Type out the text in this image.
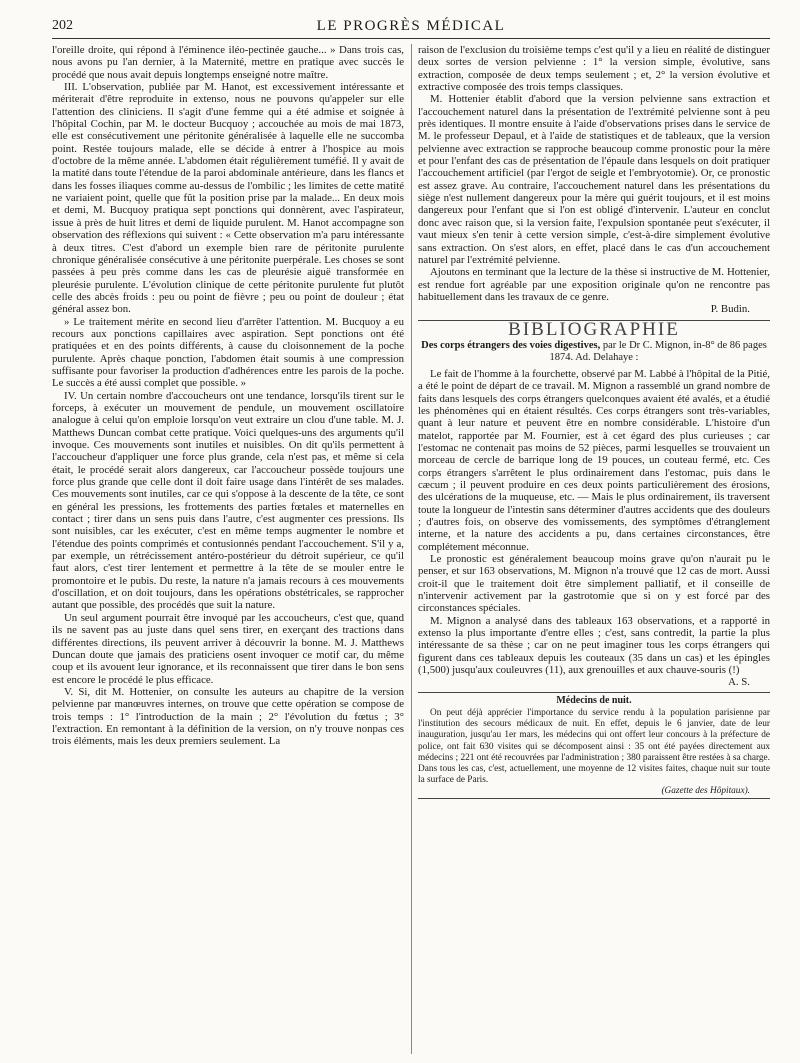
202	LE PROGRÈS MÉDICAL

l'oreille droite, qui répond à l'éminence iléo-pectinée gauche... » Dans trois cas, nous avons pu l'an dernier, à la Maternité, mettre en pratique avec succès le procédé que nous avait depuis longtemps enseigné notre maître.

III. L'observation, publiée par M. Hanot, est excessivement intéressante et mériterait d'être reproduite in extenso, nous ne pouvons qu'appeler sur elle l'attention des cliniciens. Il s'agit d'une femme qui a été admise et soignée à l'hôpital Cochin, par M. le docteur Bucquoy ; accouchée au mois de mai 1873, elle est consécutivement une péritonite généralisée à laquelle elle ne succomba point. Restée toujours malade, elle se décide à entrer à l'hospice au mois d'octobre de la même année. L'abdomen était régulièrement tuméfié. Il y avait de la matité dans toute l'étendue de la paroi abdominale antérieure, dans les flancs et dans les fosses iliaques comme au-dessus de l'ombilic ; les limites de cette matité ne variaient point, quelle que fût la position prise par la malade... En deux mois et demi, M. Bucquoy pratiqua sept ponctions qui donnèrent, avec l'aspirateur, issue à près de huit litres et demi de liquide purulent. M. Hanot accompagne son observation des réflexions qui suivent : « Cette observation m'a paru intéressante à deux titres. C'est d'abord un exemple bien rare de péritonite purulente chronique généralisée consécutive à une péritonite puerpérale. Les choses se sont passées à peu près comme dans les cas de pleurésie aiguë transformée en pleurésie purulente. L'évolution clinique de cette péritonite purulente fut plutôt celle des abcès froids : peu ou point de fièvre ; peu ou point de douleur ; état général assez bon.

» Le traitement mérite en second lieu d'arrêter l'attention. M. Bucquoy a eu recours aux ponctions capillaires avec aspiration. Sept ponctions ont été pratiquées et en des points différents, à cause du cloisonnement de la poche purulente. Après chaque ponction, l'abdomen était soumis à une compression suffisante pour favoriser la production d'adhérences entre les parois de la poche. Le succès a été aussi complet que possible. »

IV. Un certain nombre d'accoucheurs ont une tendance, lorsqu'ils tirent sur le forceps, à exécuter un mouvement de pendule, un mouvement oscillatoire analogue à celui qu'on emploie lorsqu'on veut extraire un clou d'une table. M. J. Matthews Duncan combat cette pratique. Voici quelques-uns des arguments qu'il invoque. Ces mouvements sont inutiles et nuisibles. On dit qu'ils permettent à l'accoucheur d'appliquer une force plus grande, cela n'est pas, et même si cela était, le procédé serait alors dangereux, car l'accoucheur possède toujours une force plus grande que celle dont il doit faire usage dans l'intérêt de ses malades. Ces mouvements sont inutiles, car ce qui s'oppose à la descente de la tête, ce sont en général les pressions, les frottements des parties fœtales et maternelles en contact ; tirer dans un sens puis dans l'autre, c'est augmenter ces pressions. Ils sont nuisibles, car les exécuter, c'est en même temps augmenter le nombre et l'étendue des points comprimés et contusionnés pendant l'accouchement. S'il y a, par exemple, un rétrécissement antéro-postérieur du détroit supérieur, ce qu'il faut alors, c'est tirer lentement et permettre à la tête de se mouler entre le promontoire et le pubis. Du reste, la nature n'a jamais recours à ces mouvements d'oscillation, et on doit toujours, dans les opérations obstétricales, se rapprocher autant que possible, des procédés que suit la nature.

Un seul argument pourrait être invoqué par les accoucheurs, c'est que, quand ils ne savent pas au juste dans quel sens tirer, en exerçant des tractions dans différentes directions, ils peuvent arriver à découvrir la bonne. M. J. Matthews Duncan doute que jamais des praticiens osent invoquer ce motif car, du même coup et ils avouent leur ignorance, et ils reconnaissent que tirer dans le bon sens est encore le procédé le plus efficace.

V. Si, dit M. Hottenier, on consulte les auteurs au chapitre de la version pelvienne par manœuvres internes, on trouve que cette opération se compose de trois temps : 1° l'introduction de la main ; 2° l'évolution du fœtus ; 3° l'extraction. En remontant à la définition de la version, on n'y trouve nonpas ces trois éléments, mais les deux premiers seulement. La

raison de l'exclusion du troisième temps c'est qu'il y a lieu en réalité de distinguer deux sortes de version pelvienne : 1° la version simple, évolutive, sans extraction, composée de deux temps seulement ; et, 2° la version évolutive et extractive composée des trois temps classiques.

M. Hottenier établit d'abord que la version pelvienne sans extraction et l'accouchement naturel dans la présentation de l'extrémité pelvienne sont à peu près identiques. Il montre ensuite à l'aide d'observations prises dans le service de M. le professeur Depaul, et à l'aide de statistiques et de tableaux, que la version pelvienne avec extraction se rapproche beaucoup comme pronostic pour la mère et pour l'enfant des cas de présentation de l'épaule dans lesquels on doit pratiquer l'accouchement artificiel (par l'ergot de seigle et l'embryotomie). Or, ce pronostic est assez grave. Au contraire, l'accouchement naturel dans les présentations du siège n'est nullement dangereux pour la mère qui guérit toujours, et il est moins dangereux pour l'enfant que si l'on est obligé d'intervenir. L'auteur en conclut donc avec raison que, si la version faite, l'expulsion spontanée peut s'exécuter, il vaut mieux s'en tenir à cette version simple, c'est-à-dire simplement évolutive sans extraction. On s'est alors, en effet, placé dans le cas d'un accouchement naturel par l'extrémité pelvienne.

Ajoutons en terminant que la lecture de la thèse si instructive de M. Hottenier, est rendue fort agréable par une exposition originale qu'on ne rencontre pas habituellement dans les travaux de ce genre.

P. Budin.
BIBLIOGRAPHIE
Des corps étrangers des voies digestives, par le Dr C. Mignon, in-8° de 86 pages 1874. Ad. Delahaye :

Le fait de l'homme à la fourchette, observé par M. Labbé à l'hôpital de la Pitié, a été le point de départ de ce travail. M. Mignon a rassemblé un grand nombre de faits dans lesquels des corps étrangers quelconques avaient été avalés, et a étudié les phénomènes qui en étaient résultés. Ces corps étrangers sont très-variables, quant à leur nature et peuvent être en nombre considérable. L'histoire d'un matelot, rapportée par M. Fournier, est à cet égard des plus curieuses ; car l'estomac ne contenait pas moins de 52 pièces, parmi lesquelles se trouvaient un morceau de cercle de barrique long de 19 pouces, un couteau fermé, etc. Ces corps étrangers s'arrêtent le plus ordinairement dans l'estomac, puis dans le cæcum ; il peuvent produire en ces deux points particulièrement des érosions, des ulcérations de la muqueuse, etc. — Mais le plus ordinairement, ils traversent toute la longueur de l'intestin sans déterminer d'autres accidents que des douleurs ; d'autres fois, on observe des vomissements, des symptômes d'étranglement interne, et la nature des accidents a pu, dans certaines circonstances, être complétement méconnue.

Le pronostic est généralement beaucoup moins grave qu'on n'aurait pu le penser, et sur 163 observations, M. Mignon n'a trouvé que 12 cas de mort. Aussi croit-il que le traitement doit être simplement palliatif, et il conseille de n'intervenir activement par la gastrotomie que si on y est forcé par des circonstances spéciales.

M. Mignon a analysé dans des tableaux 163 observations, et a rapporté in extenso la plus importante d'entre elles ; c'est, sans contredit, la partie la plus intéressante de sa thèse ; car on ne peut imaginer tous les corps étrangers qui figurent dans ces tableaux depuis les couteaux (35 dans un cas) et les épingles (1,500) jusqu'aux couleuvres (11), aux grenouilles et aux chauve-souris (!)

A. S.
Médecins de nuit.

On peut déjà apprécier l'importance du service rendu à la population parisienne par l'institution des secours médicaux de nuit. En effet, depuis le 6 janvier, date de leur inauguration, jusqu'au 1er mars, les médecins qui ont offert leur concours à la préfecture de police, ont fait 630 visites qui se décomposent ainsi : 35 ont été payées directement aux médecins ; 221 ont été recouvrées par l'administration ; 380 paraissent être restées à sa charge. Dans tous les cas, c'est, actuellement, une moyenne de 12 visites faites, chaque nuit sur toute la surface de Paris.

(Gazette des Hôpitaux).
